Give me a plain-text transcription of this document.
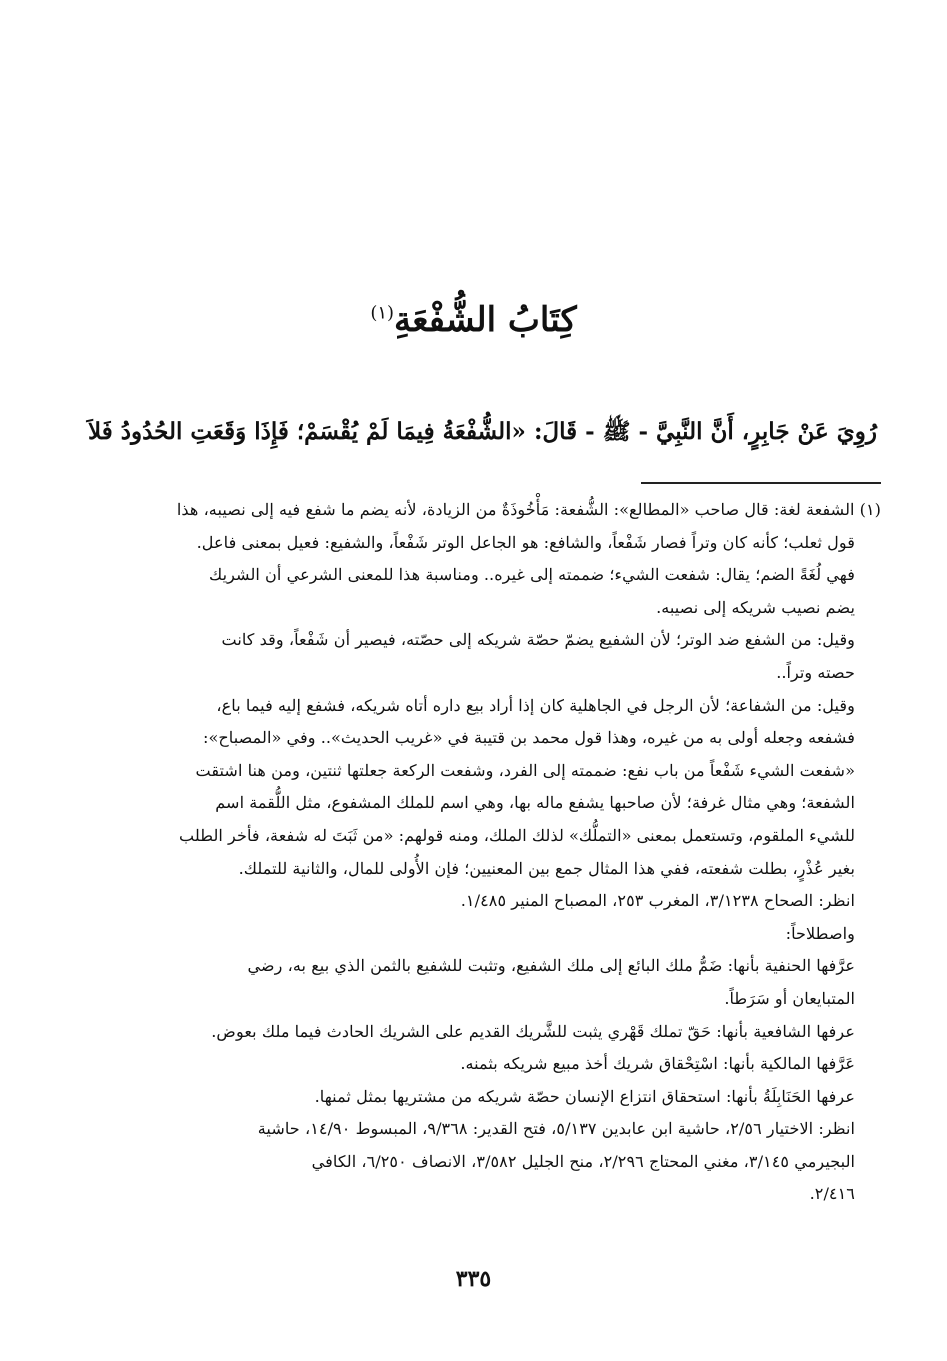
كِتَابُ الشُّفْعَةِ$^{(١)}$
رُوِيَ عَنْ جَابِرٍ، أَنَّ النَّبِيَّ - ﷺ - قَالَ: «الشُّفْعَةُ فِيمَا لَمْ يُقْسَمْ؛ فَإِذَا وَقَعَتِ الحُدُودُ فَلاَ
(١) الشفعة لغة: قال صاحب «المطالع»: الشُّفعة: مَأْخُوذَةٌ من الزيادة، لأنه يضم ما شفع فيه إلى نصيبه، هذا
قول ثعلب؛ كأنه كان وتراً فصار شَفْعاً، والشافع: هو الجاعل الوتر شَفْعاً، والشفيع: فعيل بمعنى فاعل.
فهي لُغَةً الضم؛ يقال: شفعت الشيء؛ ضممته إلى غيره.. ومناسبة هذا للمعنى الشرعي أن الشريك
يضم نصيب شريكه إلى نصيبه.
وقيل: من الشفع ضد الوتر؛ لأن الشفيع يضمّ حصّة شريكه إلى حصّته، فيصير أن شَفْعاً، وقد كانت
حصته وتراً..
وقيل: من الشفاعة؛ لأن الرجل في الجاهلية كان إذا أراد بيع داره أتاه شريكه، فشفع إليه فيما باع،
فشفعه وجعله أولى به من غيره، وهذا قول محمد بن قتيبة في «غريب الحديث».. وفي «المصباح»:
«شفعت الشيء شَفْعاً من باب نفع: ضممته إلى الفرد، وشفعت الركعة جعلتها ثنتين، ومن هنا اشتقت
الشفعة؛ وهي مثال غرفة؛ لأن صاحبها يشفع ماله بها، وهي اسم للملك المشفوع، مثل اللُّقمة اسم
للشيء الملقوم، وتستعمل بمعنى «التملُّك» لذلك الملك، ومنه قولهم: «من ثَبَتَ له شفعة، فأخر الطلب
بغير عُذْرٍ، بطلت شفعته، ففي هذا المثال جمع بين المعنيين؛ فإن الأُولى للمال، والثانية للتملك.
انظر: الصحاح ٣/١٢٣٨، المغرب ٢٥٣، المصباح المنير ١/٤٨٥.
واصطلاحاً:
عرَّفها الحنفية بأنها: ضَمُّ ملك البائع إلى ملك الشفيع، وتثبت للشفيع بالثمن الذي بيع به، رضي
المتبايعان أو سَرَطاً.
عرفها الشافعية بأنها: حَقّ تملك قَهْري يثبت للشَّريك القديم على الشريك الحادث فيما ملك بعوض.
عَرَّفها المالكية بأنها: اسْتِحْقاق شريك أخذ مبيع شريكه بثمنه.
عرفها الحَنَابِلَةُ بأنها: استحقاق انتزاع الإنسان حصّة شريكه من مشتريها بمثل ثمنها.
انظر: الاختيار ٢/٥٦، حاشية ابن عابدين ٥/١٣٧، فتح القدير: ٩/٣٦٨، المبسوط ١٤/٩٠، حاشية
البجيرمي ٣/١٤٥، مغني المحتاج ٢/٢٩٦، منح الجليل ٣/٥٨٢، الانصاف ٦/٢٥٠، الكافي
٢/٤١٦.
٣٣٥
